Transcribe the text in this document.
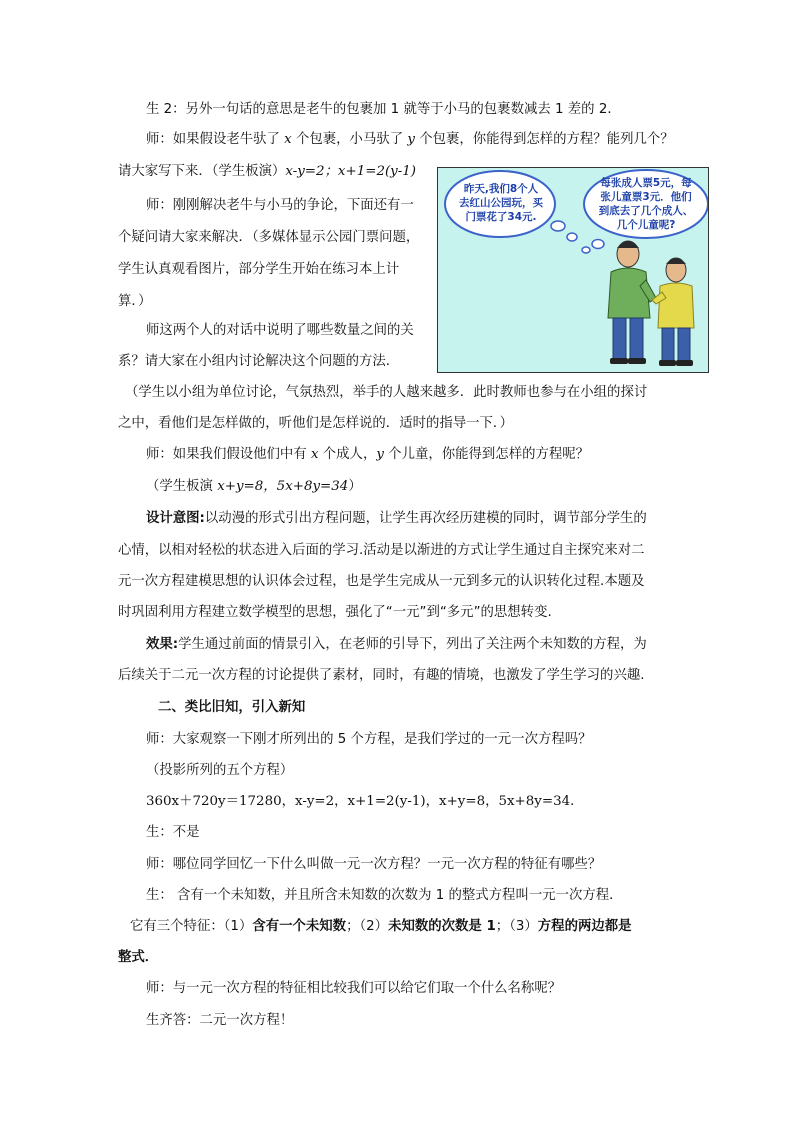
生 2：另外一句话的意思是老牛的包裹加 1 就等于小马的包裹数减去 1 差的 2．
师：如果假设老牛驮了 x 个包裹，小马驮了 y 个包裹，你能得到怎样的方程？能列几个？
请大家写下来．（学生板演）x-y=2；x+1=2(y-1)
师：刚刚解决老牛与小马的争论，下面还有一
个疑问请大家来解决．（多媒体显示公园门票问题，
学生认真观看图片，部分学生开始在练习本上计
算．）
师这两个人的对话中说明了哪些数量之间的关
系？请大家在小组内讨论解决这个问题的方法．
（学生以小组为单位讨论，气氛热烈，举手的人越来越多．此时教师也参与在小组的探讨
之中，看他们是怎样做的，听他们是怎样说的．适时的指导一下．）
师：如果我们假设他们中有 x 个成人，y 个儿童，你能得到怎样的方程呢？
（学生板演 x+y=8，5x+8y=34）
设计意图:以动漫的形式引出方程问题，让学生再次经历建模的同时，调节部分学生的
心情，以相对轻松的状态进入后面的学习.活动是以渐进的方式让学生通过自主探究来对二
元一次方程建模思想的认识体会过程，也是学生完成从一元到多元的认识转化过程.本题及
时巩固利用方程建立数学模型的思想，强化了“一元”到“多元”的思想转变.
效果:学生通过前面的情景引入，在老师的引导下，列出了关注两个未知数的方程，为
后续关于二元一次方程的讨论提供了素材，同时，有趣的情境，也激发了学生学习的兴趣.
二、类比旧知，引入新知
师：大家观察一下刚才所列出的 5 个方程，是我们学过的一元一次方程吗？
（投影所列的五个方程）
360x＋720y＝17280，x-y=2，x+1=2(y-1)，x+y=8，5x+8y=34．
生：不是
师：哪位同学回忆一下什么叫做一元一次方程？一元一次方程的特征有哪些？
生： 含有一个未知数，并且所含未知数的次数为 1 的整式方程叫一元一次方程．
它有三个特征：（1）含有一个未知数；（2）未知数的次数是 1；（3）方程的两边都是
整式．
师：与一元一次方程的特征相比较我们可以给它们取一个什么名称呢？
生齐答：二元一次方程！
昨天,我们8个人
去红山公园玩，买
门票花了34元.
每张成人票5元，每
张儿童票3元．他们
到底去了几个成人、
几个儿童呢?
